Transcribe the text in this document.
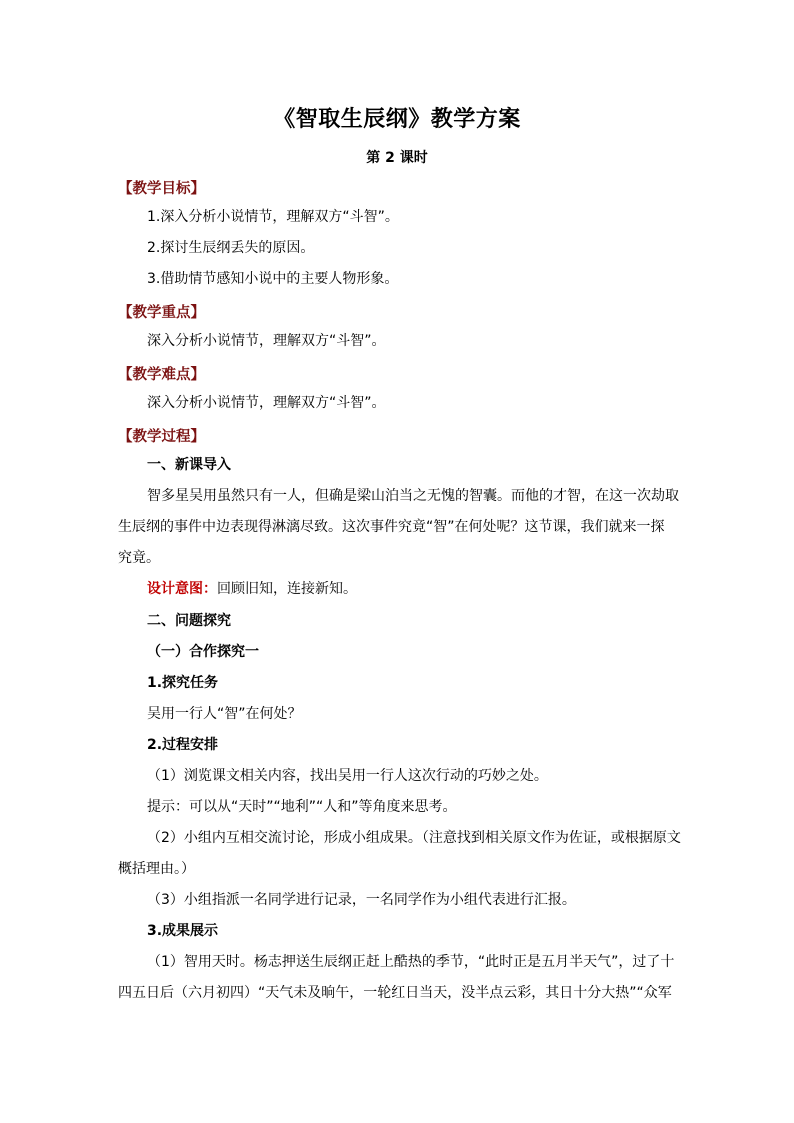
《智取生辰纲》教学方案
第 2 课时
【教学目标】
1.深入分析小说情节，理解双方“斗智”。
2.探讨生辰纲丢失的原因。
3.借助情节感知小说中的主要人物形象。
【教学重点】
深入分析小说情节，理解双方“斗智”。
【教学难点】
深入分析小说情节，理解双方“斗智”。
【教学过程】
一、新课导入
智多星吴用虽然只有一人，但确是梁山泊当之无愧的智囊。而他的才智，在这一次劫取
生辰纲的事件中边表现得淋漓尽致。这次事件究竟“智”在何处呢？这节课，我们就来一探
究竟。
设计意图：回顾旧知，连接新知。
二、问题探究
（一）合作探究一
1.探究任务
吴用一行人“智”在何处？
2.过程安排
（1）浏览课文相关内容，找出吴用一行人这次行动的巧妙之处。
提示：可以从“天时”“地利”“人和”等角度来思考。
（2）小组内互相交流讨论，形成小组成果。（注意找到相关原文作为佐证，或根据原文
概括理由。）
（3）小组指派一名同学进行记录，一名同学作为小组代表进行汇报。
3.成果展示
（1）智用天时。杨志押送生辰纲正赶上酷热的季节，“此时正是五月半天气”，过了十
四五日后（六月初四）“天气未及晌午，一轮红日当天，没半点云彩，其日十分大热”“众军
